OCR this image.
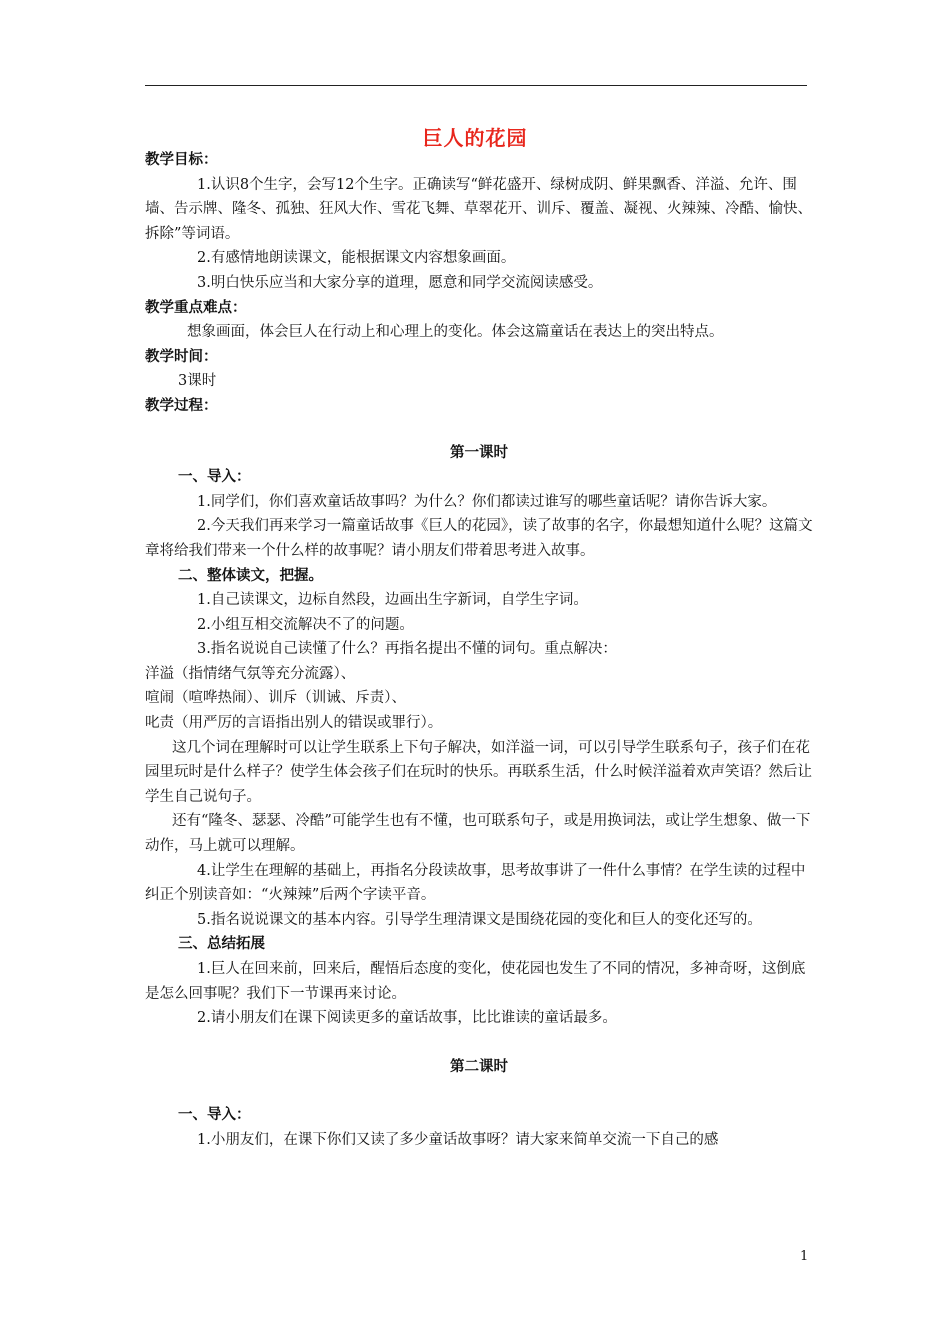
巨人的花园

教学目标：

1.认识8个生字，会写12个生字。正确读写“鲜花盛开、绿树成阴、鲜果飘香、洋溢、允许、围墙、告示牌、隆冬、孤独、狂风大作、雪花飞舞、草翠花开、训斥、覆盖、凝视、火辣辣、冷酷、愉快、拆除”等词语。

2.有感情地朗读课文，能根据课文内容想象画面。

3.明白快乐应当和大家分享的道理，愿意和同学交流阅读感受。

教学重点难点：

想象画面，体会巨人在行动上和心理上的变化。体会这篇童话在表达上的突出特点。

教学时间：

3课时

教学过程：

第一课时

一、导入：

1.同学们，你们喜欢童话故事吗？为什么？你们都读过谁写的哪些童话呢？请你告诉大家。

2.今天我们再来学习一篇童话故事《巨人的花园》，读了故事的名字，你最想知道什么呢？这篇文章将给我们带来一个什么样的故事呢？请小朋友们带着思考进入故事。

二、整体读文，把握。

1.自己读课文，边标自然段，边画出生字新词，自学生字词。

2.小组互相交流解决不了的问题。

3.指名说说自己读懂了什么？再指名提出不懂的词句。重点解决：

洋溢（指情绪气氛等充分流露）、

喧闹（喧哗热闹）、训斥（训诫、斥责）、

叱责（用严厉的言语指出别人的错误或罪行）。

这几个词在理解时可以让学生联系上下句子解决，如洋溢一词，可以引导学生联系句子，孩子们在花园里玩时是什么样子？使学生体会孩子们在玩时的快乐。再联系生活，什么时候洋溢着欢声笑语？然后让学生自己说句子。

还有“隆冬、瑟瑟、冷酷”可能学生也有不懂，也可联系句子，或是用换词法，或让学生想象、做一下动作，马上就可以理解。

4.让学生在理解的基础上，再指名分段读故事，思考故事讲了一件什么事情？在学生读的过程中纠正个别读音如：“火辣辣”后两个字读平音。

5.指名说说课文的基本内容。引导学生理清课文是围绕花园的变化和巨人的变化还写的。

三、总结拓展

1.巨人在回来前，回来后，醒悟后态度的变化，使花园也发生了不同的情况，多神奇呀，这倒底是怎么回事呢？我们下一节课再来讨论。

2.请小朋友们在课下阅读更多的童话故事，比比谁读的童话最多。

第二课时

一、导入：

1.小朋友们，在课下你们又读了多少童话故事呀？请大家来简单交流一下自己的感

1
